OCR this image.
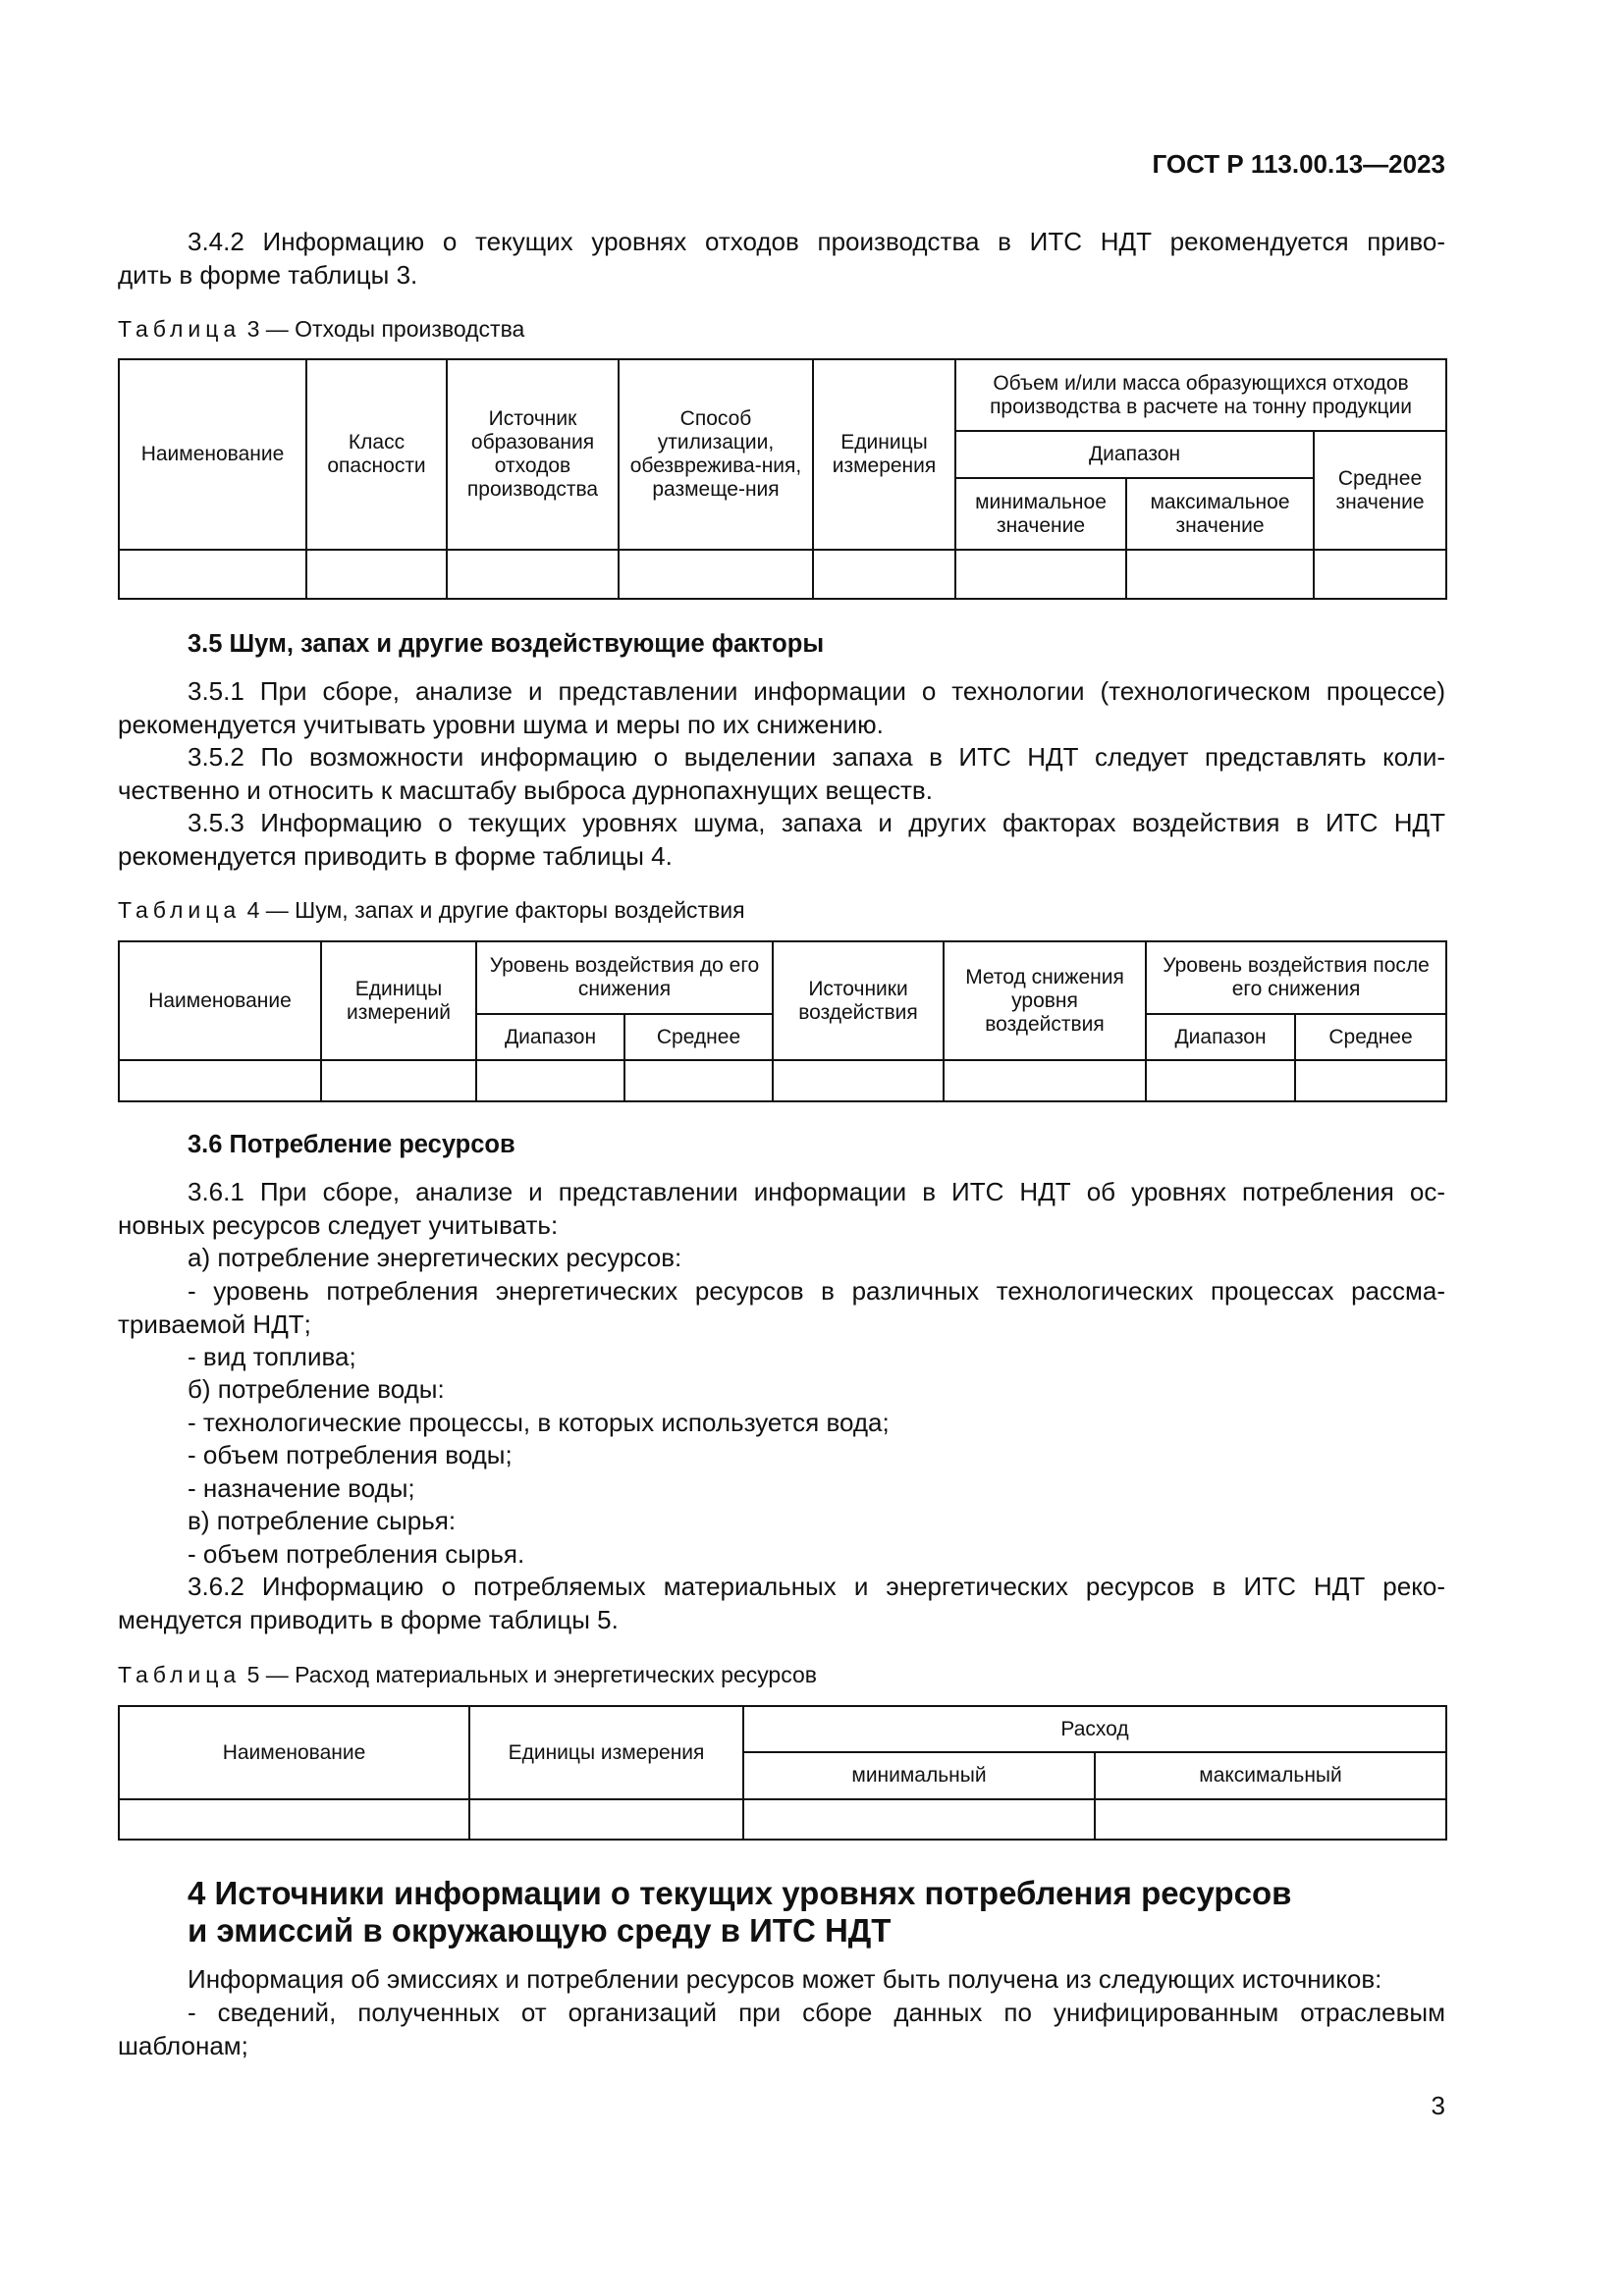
ГОСТ Р 113.00.13—2023

3.4.2 Информацию о текущих уровнях отходов производства в ИТС НДТ рекомендуется приво-
дить в форме таблицы 3.

Таблица 3 — Отходы производства

Наименование	Класс опасности	Источник образования отходов производства	Способ утилизации, обезврежива-ния, размеще-ния	Единицы измерения	Объем и/или масса образующихся отходов производства в расчете на тонну продукции		
					Диапазон		Среднее значение
					минимальное значение	максимальное значение	

3.5 Шум, запах и другие воздействующие факторы

3.5.1 При сборе, анализе и представлении информации о технологии (технологическом процессе)
рекомендуется учитывать уровни шума и меры по их снижению.

3.5.2 По возможности информацию о выделении запаха в ИТС НДТ следует представлять коли-
чественно и относить к масштабу выброса дурнопахнущих веществ.

3.5.3 Информацию о текущих уровнях шума, запаха и других факторах воздействия в ИТС НДТ
рекомендуется приводить в форме таблицы 4.

Таблица 4 — Шум, запах и другие факторы воздействия

Наименование	Единицы измерений	Уровень воздействия до его снижения		Источники воздействия	Метод снижения уровня воздействия	Уровень воздействия после его снижения	
		Диапазон	Среднее			Диапазон	Среднее

3.6 Потребление ресурсов

3.6.1 При сборе, анализе и представлении информации в ИТС НДТ об уровнях потребления ос-
новных ресурсов следует учитывать:

а) потребление энергетических ресурсов:

- уровень потребления энергетических ресурсов в различных технологических процессах рассма-
триваемой НДТ;

- вид топлива;

б) потребление воды:

- технологические процессы, в которых используется вода;

- объем потребления воды;

- назначение воды;

в) потребление сырья:

- объем потребления сырья.

3.6.2 Информацию о потребляемых материальных и энергетических ресурсов в ИТС НДТ реко-
мендуется приводить в форме таблицы 5.

Таблица 5 — Расход материальных и энергетических ресурсов

Наименование	Единицы измерения	Расход	
		минимальный	максимальный

4 Источники информации о текущих уровнях потребления ресурсов
и эмиссий в окружающую среду в ИТС НДТ

Информация об эмиссиях и потреблении ресурсов может быть получена из следующих источников:

- сведений, полученных от организаций при сборе данных по унифицированным отраслевым
шаблонам;

3
